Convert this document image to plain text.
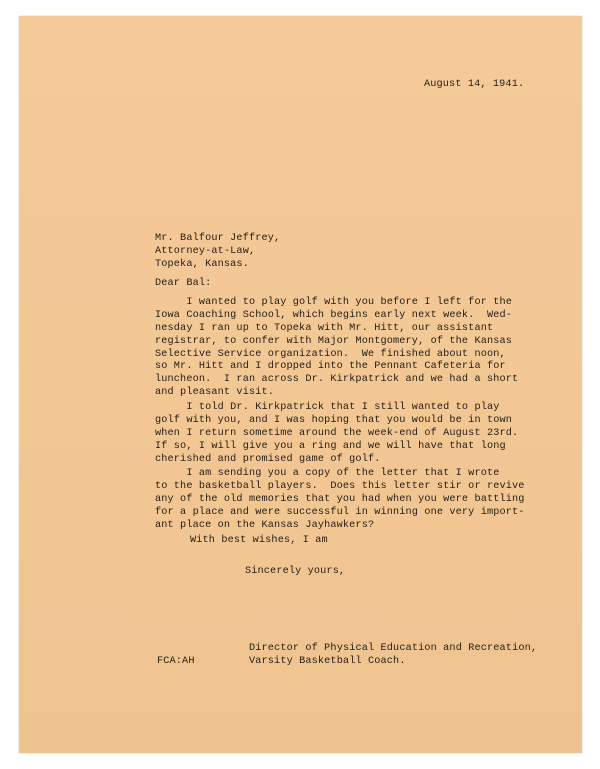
August 14, 1941.
Mr. Balfour Jeffrey,
Attorney-at-Law,
Topeka, Kansas.
Dear Bal:
I wanted to play golf with you before I left for the
Iowa Coaching School, which begins early next week.  Wed-
nesday I ran up to Topeka with Mr. Hitt, our assistant
registrar, to confer with Major Montgomery, of the Kansas
Selective Service organization.  We finished about noon,
so Mr. Hitt and I dropped into the Pennant Cafeteria for
luncheon.  I ran across Dr. Kirkpatrick and we had a short
and pleasant visit.
I told Dr. Kirkpatrick that I still wanted to play
golf with you, and I was hoping that you would be in town
when I return sometime around the week-end of August 23rd.
If so, I will give you a ring and we will have that long
cherished and promised game of golf.
I am sending you a copy of the letter that I wrote
to the basketball players.  Does this letter stir or revive
any of the old memories that you had when you were battling
for a place and were successful in winning one very import-
ant place on the Kansas Jayhawkers?
With best wishes, I am
Sincerely yours,
Director of Physical Education and Recreation,
Varsity Basketball Coach.
FCA:AH
